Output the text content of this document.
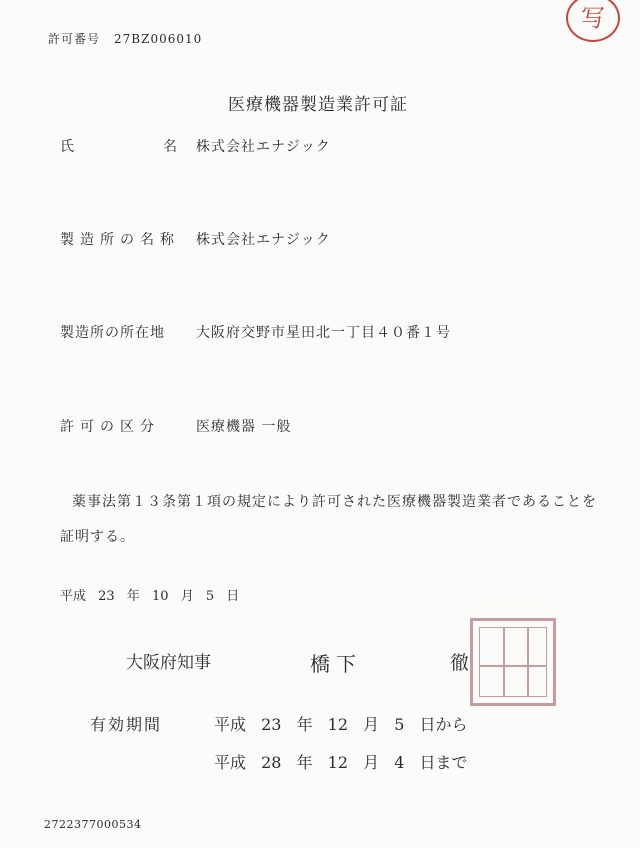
許可番号 27BZ006010
写
医療機器製造業許可証
氏	名 株式会社エナジック
製造所の名称 株式会社エナジック
製造所の所在地 大阪府交野市星田北一丁目４０番１号
許可の区分	医療機器 一般
薬事法第１３条第１項の規定により許可された医療機器製造業者であることを
証明する。
平成 23 年 10 月 5 日
大阪府知事	橋下	徹
有効期間	平成 23 年 12 月 5 日から
平成 28 年 12 月 4 日まで
2722377000534
